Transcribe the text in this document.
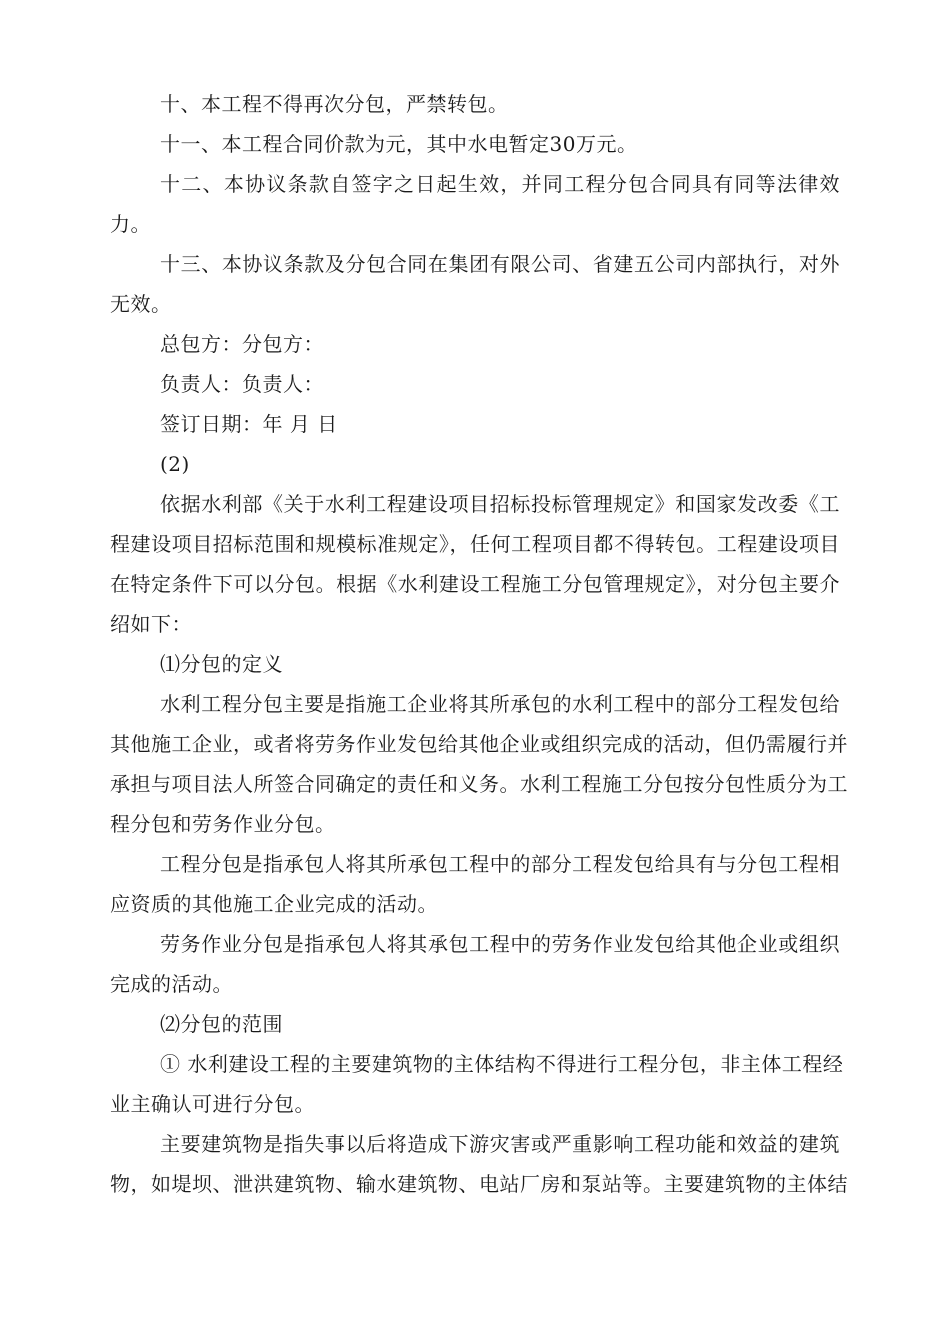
十、本工程不得再次分包，严禁转包。
十一、本工程合同价款为元，其中水电暂定30万元。
十二、本协议条款自签字之日起生效，并同工程分包合同具有同等法律效
力。
十三、本协议条款及分包合同在集团有限公司、省建五公司内部执行，对外
无效。
总包方：分包方：
负责人：负责人：
签订日期：年 月 日
(2)
依据水利部《关于水利工程建设项目招标投标管理规定》和国家发改委《工
程建设项目招标范围和规模标准规定》，任何工程项目都不得转包。工程建设项目
在特定条件下可以分包。根据《水利建设工程施工分包管理规定》，对分包主要介
绍如下：
⑴分包的定义
水利工程分包主要是指施工企业将其所承包的水利工程中的部分工程发包给
其他施工企业，或者将劳务作业发包给其他企业或组织完成的活动，但仍需履行并
承担与项目法人所签合同确定的责任和义务。水利工程施工分包按分包性质分为工
程分包和劳务作业分包。
工程分包是指承包人将其所承包工程中的部分工程发包给具有与分包工程相
应资质的其他施工企业完成的活动。
劳务作业分包是指承包人将其承包工程中的劳务作业发包给其他企业或组织
完成的活动。
⑵分包的范围
① 水利建设工程的主要建筑物的主体结构不得进行工程分包，非主体工程经
业主确认可进行分包。
主要建筑物是指失事以后将造成下游灾害或严重影响工程功能和效益的建筑
物，如堤坝、泄洪建筑物、输水建筑物、电站厂房和泵站等。主要建筑物的主体结
